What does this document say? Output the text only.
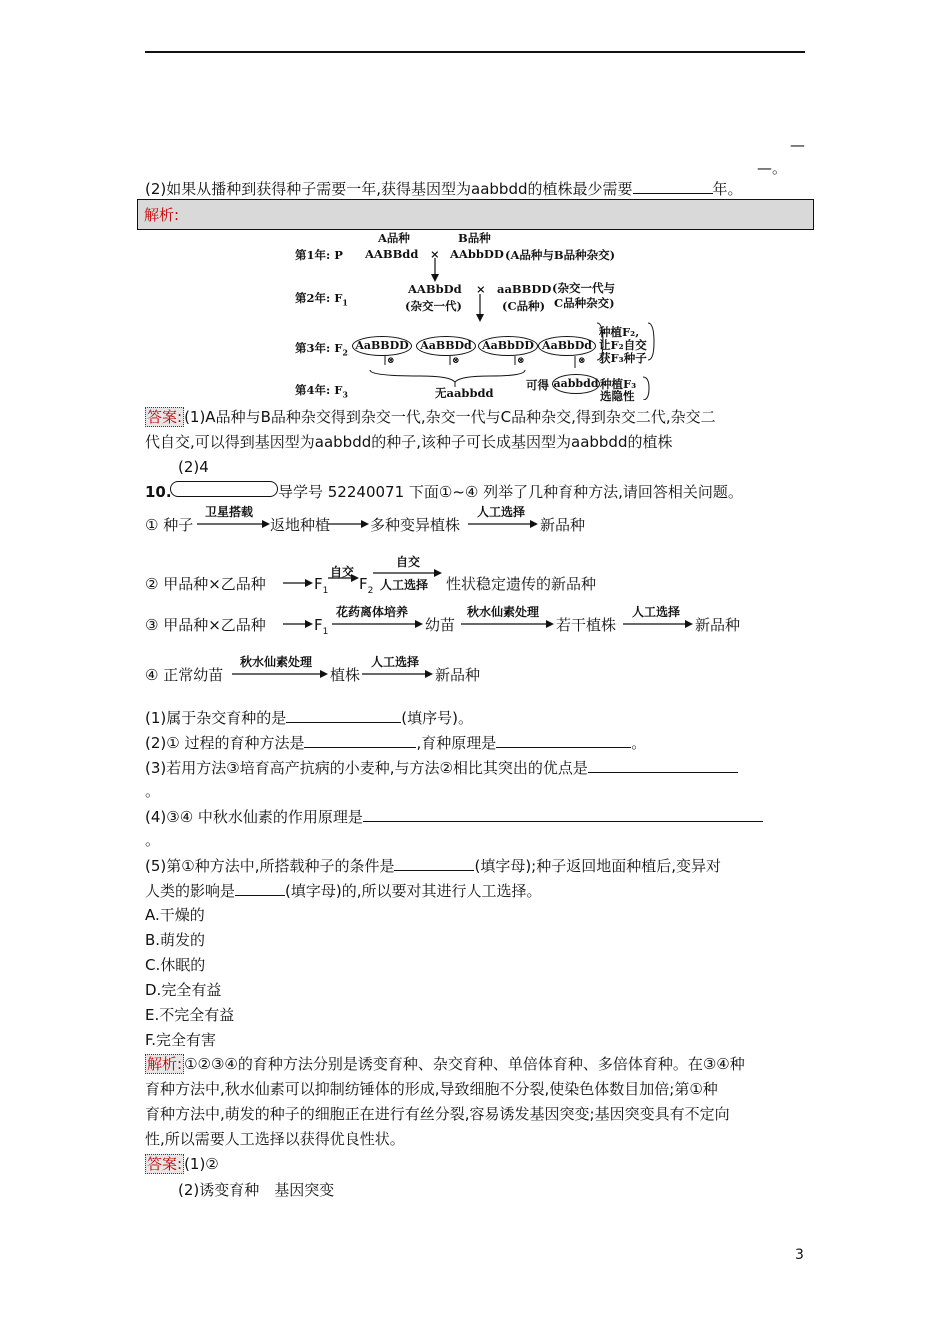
—
—。
(2)如果从播种到获得种子需要一年,获得基因型为aabbdd的植株最少需要	年。
解析:
A品种	B品种
第1年: P AABBdd × AAbbDD (A品种与B品种杂交)
第2年: $F_1$
AABbDd
(杂交一代)
× aaBBDD
(C品种)
(杂交一代与
C品种杂交)
第3年: $F_2$
AaBBDD	AaBBDd AaBbDD AaBbDd
⊗	⊗	⊗	⊗
种植F₂,
让F₂自交
获F₃种子
第4年: $F_3$	无aabbdd
可得 aabbdd 种植F₃
选隐性
答案: (1)A品种与B品种杂交得到杂交一代,杂交一代与C品种杂交,得到杂交二代,杂交二
代自交,可以得到基因型为aabbdd的种子,该种子可长成基因型为aabbdd的植株
(2)4
10.	导学号 52240071 下面①~④ 列举了几种育种方法,请回答相关问题。
① 种子
卫星搭载
返地种植	多种变异植株
人工选择
新品种
② 甲品种×乙品种	$F_1$
自交
$F_2$
自交
人工选择 性状稳定遗传的新品种
③ 甲品种×乙品种	$F_1$
花药离体培养
幼苗
秋水仙素处理
若干植株
人工选择
新品种
④ 正常幼苗
秋水仙素处理
植株
人工选择
新品种
(1)属于杂交育种的是	(填序号)。
(2)① 过程的育种方法是	,育种原理是	。
(3)若用方法③培育高产抗病的小麦种,与方法②相比其突出的优点是
。
(4)③④ 中秋水仙素的作用原理是
。
(5)第①种方法中,所搭载种子的条件是	(填字母);种子返回地面种植后,变异对
人类的影响是	(填字母)的,所以要对其进行人工选择。
A.干燥的
B.萌发的
C.休眠的
D.完全有益
E.不完全有益
F.完全有害
解析: ①②③④的育种方法分别是诱变育种、杂交育种、单倍体育种、多倍体育种。在③④种
育种方法中,秋水仙素可以抑制纺锤体的形成,导致细胞不分裂,使染色体数目加倍;第①种
育种方法中,萌发的种子的细胞正在进行有丝分裂,容易诱发基因突变;基因突变具有不定向
性,所以需要人工选择以获得优良性状。
答案: (1)②
(2)诱变育种　基因突变
3
